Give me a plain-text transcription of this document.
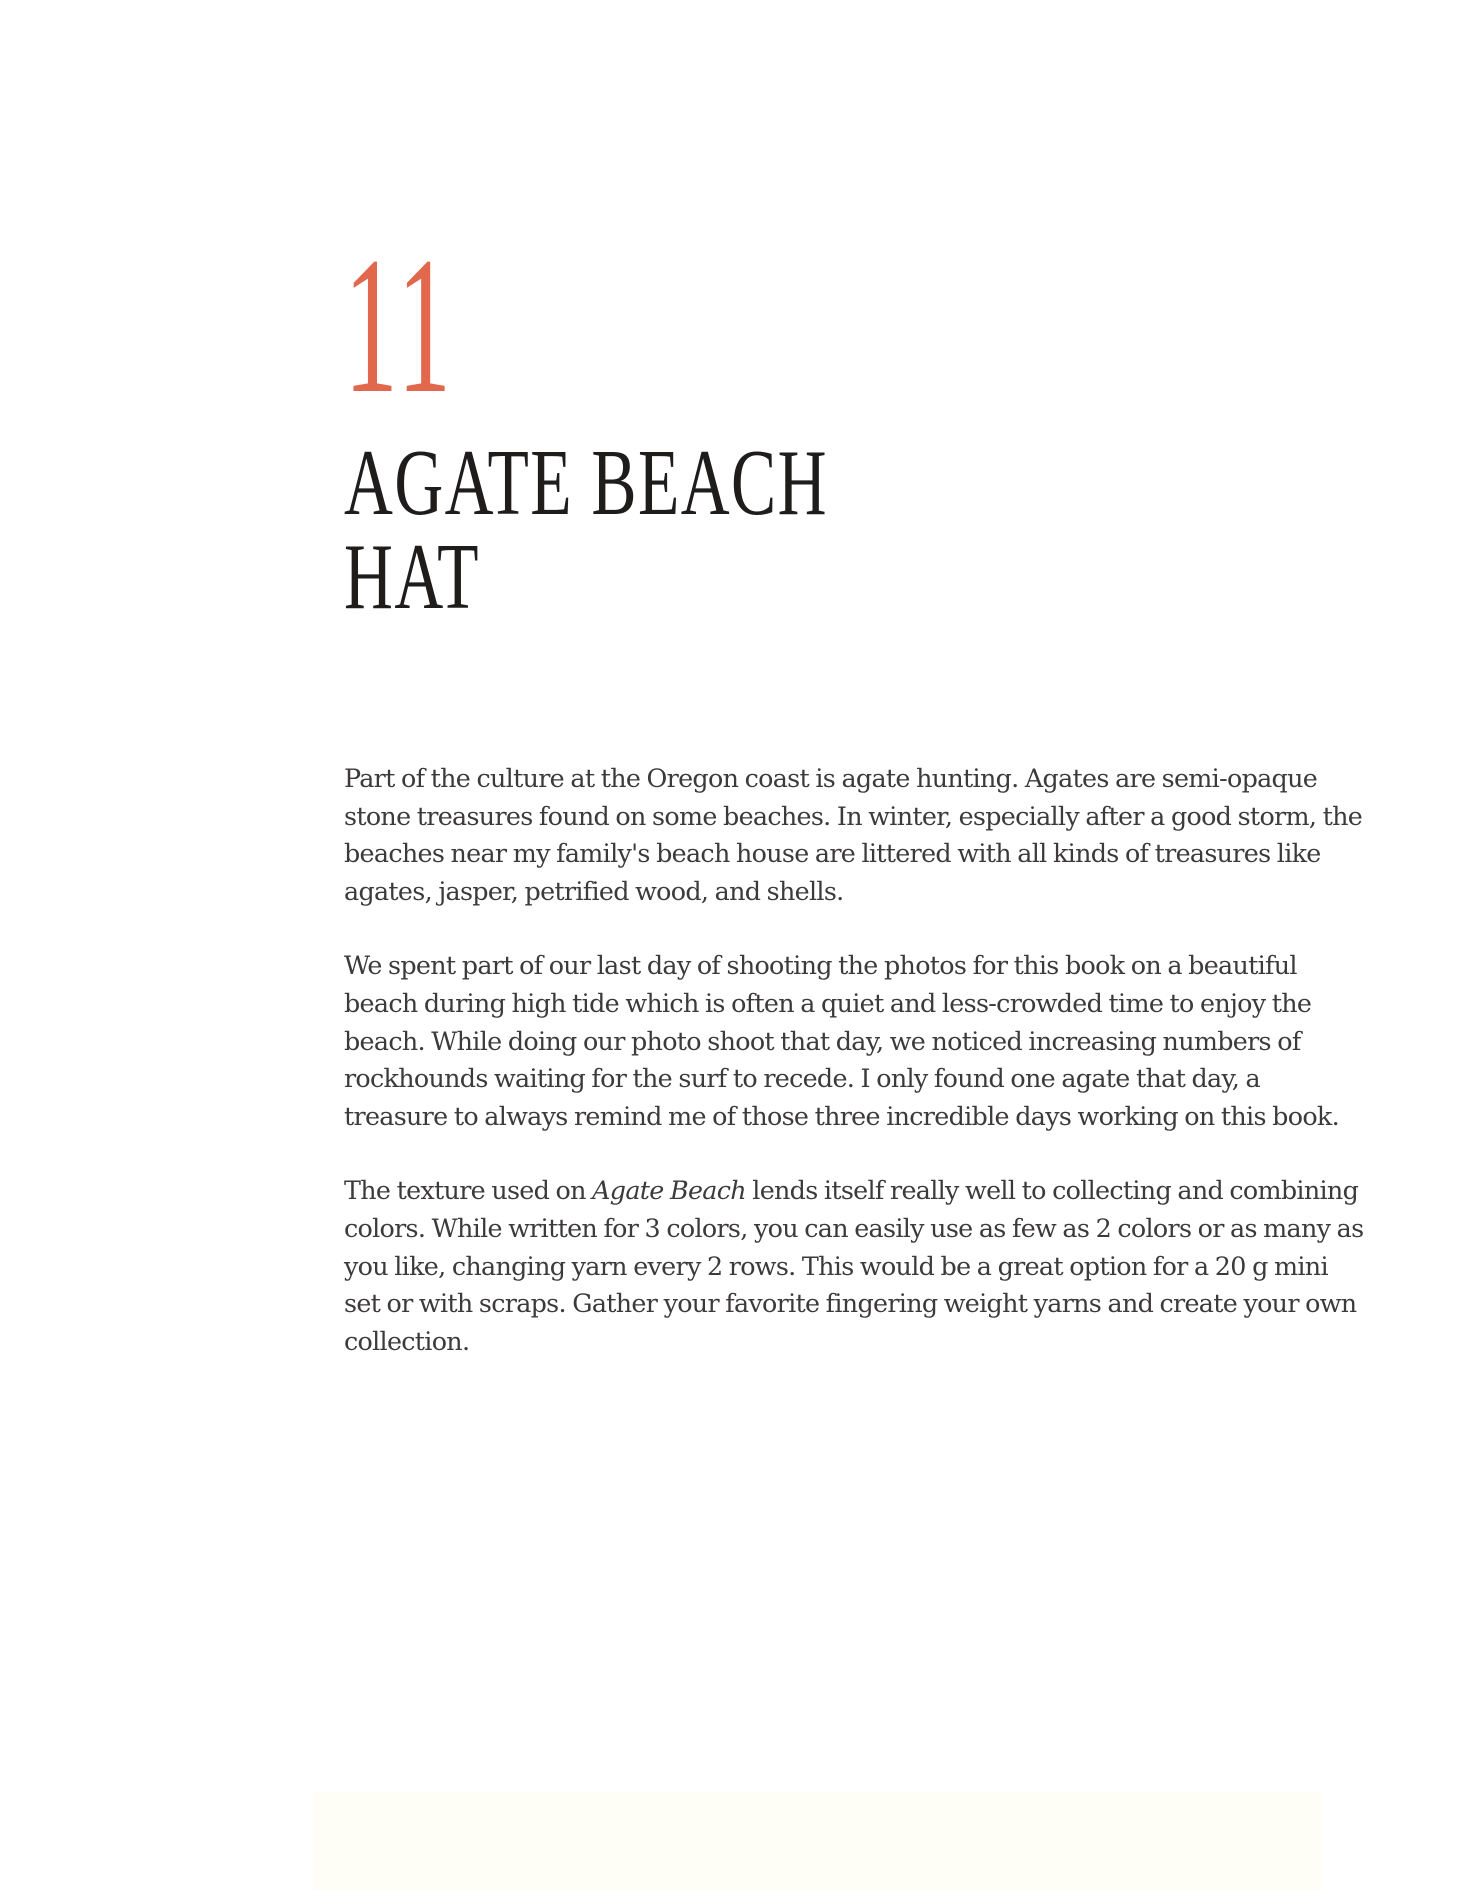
11
AGATE BEACH
HAT

Part of the culture at the Oregon coast is agate hunting. Agates are semi-opaque stone treasures found on some beaches. In winter, especially after a good storm, the beaches near my family's beach house are littered with all kinds of treasures like agates, jasper, petrified wood, and shells.

We spent part of our last day of shooting the photos for this book on a beautiful beach during high tide which is often a quiet and less-crowded time to enjoy the beach. While doing our photo shoot that day, we noticed increasing numbers of rockhounds waiting for the surf to recede. I only found one agate that day, a treasure to always remind me of those three incredible days working on this book.

The texture used on Agate Beach lends itself really well to collecting and combining colors. While written for 3 colors, you can easily use as few as 2 colors or as many as you like, changing yarn every 2 rows. This would be a great option for a 20 g mini set or with scraps. Gather your favorite fingering weight yarns and create your own collection.
